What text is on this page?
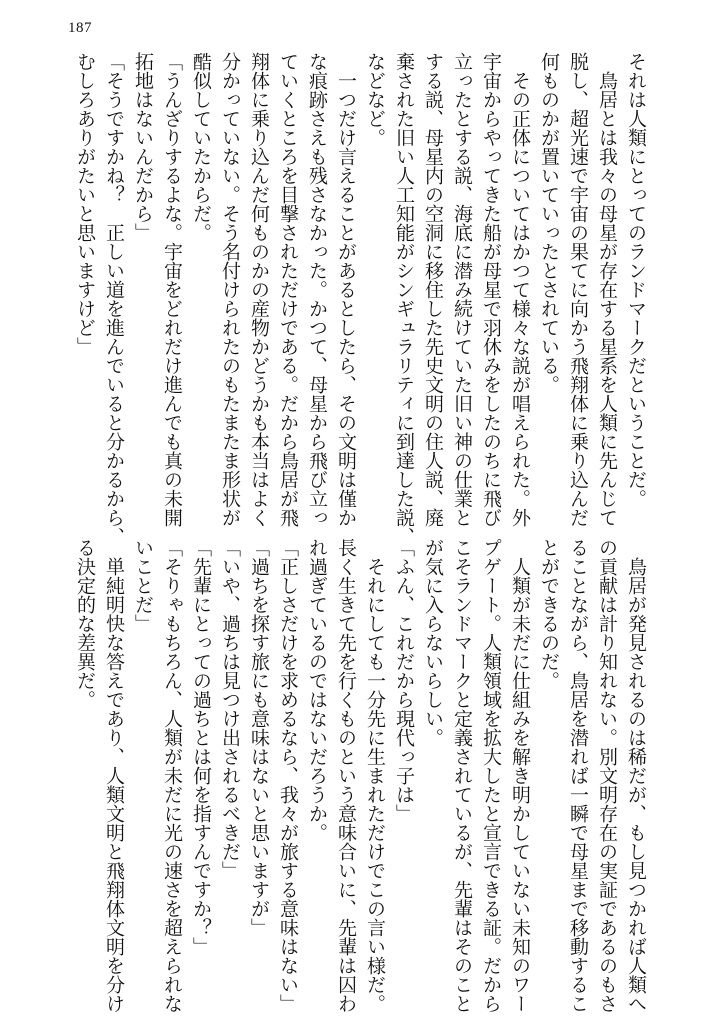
187
それは人類にとってのランドマークだということだ。
　鳥居とは我々の母星が存在する星系を人類に先んじて
脱し、超光速で宇宙の果てに向かう飛翔体に乗り込んだ
何ものかが置いていったとされている。
　その正体についてはかつて様々な説が唱えられた。外
宇宙からやってきた船が母星で羽休みをしたのちに飛び
立ったとする説、海底に潜み続けていた旧い神の仕業と
する説、母星内の空洞に移住した先史文明の住人説、廃
棄された旧い人工知能がシンギュラリティに到達した説、
などなど。
　一つだけ言えることがあるとしたら、その文明は僅か
な痕跡さえも残さなかった。かつて、母星から飛び立っ
ていくところを目撃されただけである。だから鳥居が飛
翔体に乗り込んだ何ものかの産物かどうかも本当はよく
分かっていない。そう名付けられたのもたまたま形状が
酷似していたからだ。
「うんざりするよな。宇宙をどれだけ進んでも真の未開
拓地はないんだから」
「そうですかね？　正しい道を進んでいると分かるから、
むしろありがたいと思いますけど」
　鳥居が発見されるのは稀だが、もし見つかれば人類へ
の貢献は計り知れない。別文明存在の実証であるのもさ
ることながら、鳥居を潜れば一瞬で母星まで移動するこ
とができるのだ。
　人類が未だに仕組みを解き明かしていない未知のワー
プゲート。人類領域を拡大したと宣言できる証。だから
こそランドマークと定義されているが、先輩はそのこと
が気に入らないらしい。
「ふん、これだから現代っ子は」
　それにしても一分先に生まれただけでこの言い様だ。
長く生きて先を行くものという意味合いに、先輩は囚わ
れ過ぎているのではないだろうか。
「正しさだけを求めるなら、我々が旅する意味はない」
「過ちを探す旅にも意味はないと思いますが」
「いや、過ちは見つけ出されるべきだ」
「先輩にとっての過ちとは何を指すんですか？」
「そりゃもちろん、人類が未だに光の速さを超えられな
いことだ」
　単純明快な答えであり、人類文明と飛翔体文明を分け
る決定的な差異だ。
